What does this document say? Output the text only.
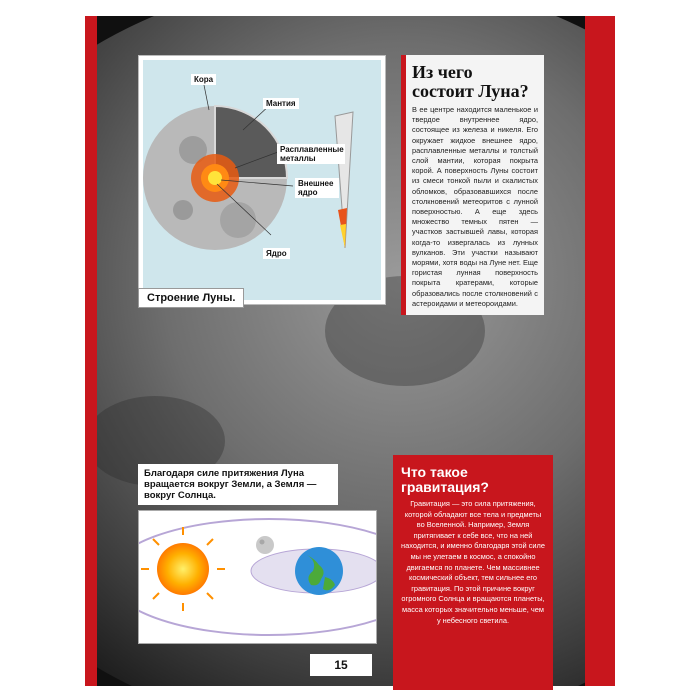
Кора
Мантия
Расплавленные металлы
Внешнее ядро
Ядро
Строение Луны.
Из чего состоит Луна?

В ее центре находится маленькое и твердое внутреннее ядро, состоящее из железа и никеля. Его окружает жидкое внешнее ядро, расплавленные металлы и толстый слой мантии, которая покрыта корой. А поверхность Луны состоит из смеси тонкой пыли и скалистых обломков, образовавшихся после столкновений метеоритов с лунной поверхностью. А еще здесь множество темных пятен — участков застывшей лавы, которая когда-то извергалась из лунных вулканов. Эти участки называют морями, хотя воды на Луне нет. Еще гористая лунная поверхность покрыта кратерами, которые образовались после столкновений с астероидами и метеороидами.

Благодаря силе притяжения Луна вращается вокруг Земли, а Земля — вокруг Солнца.
Что такое гравитация?

Гравитация — это сила притяжения, которой обладают все тела и предметы во Вселенной. Например, Земля притягивает к себе все, что на ней находится, и именно благодаря этой силе мы не улетаем в космос, а спокойно двигаемся по планете. Чем массивнее космический объект, тем сильнее его гравитация. По этой причине вокруг огромного Солнца и вращаются планеты, масса которых значительно меньше, чем у небесного светила.

15
